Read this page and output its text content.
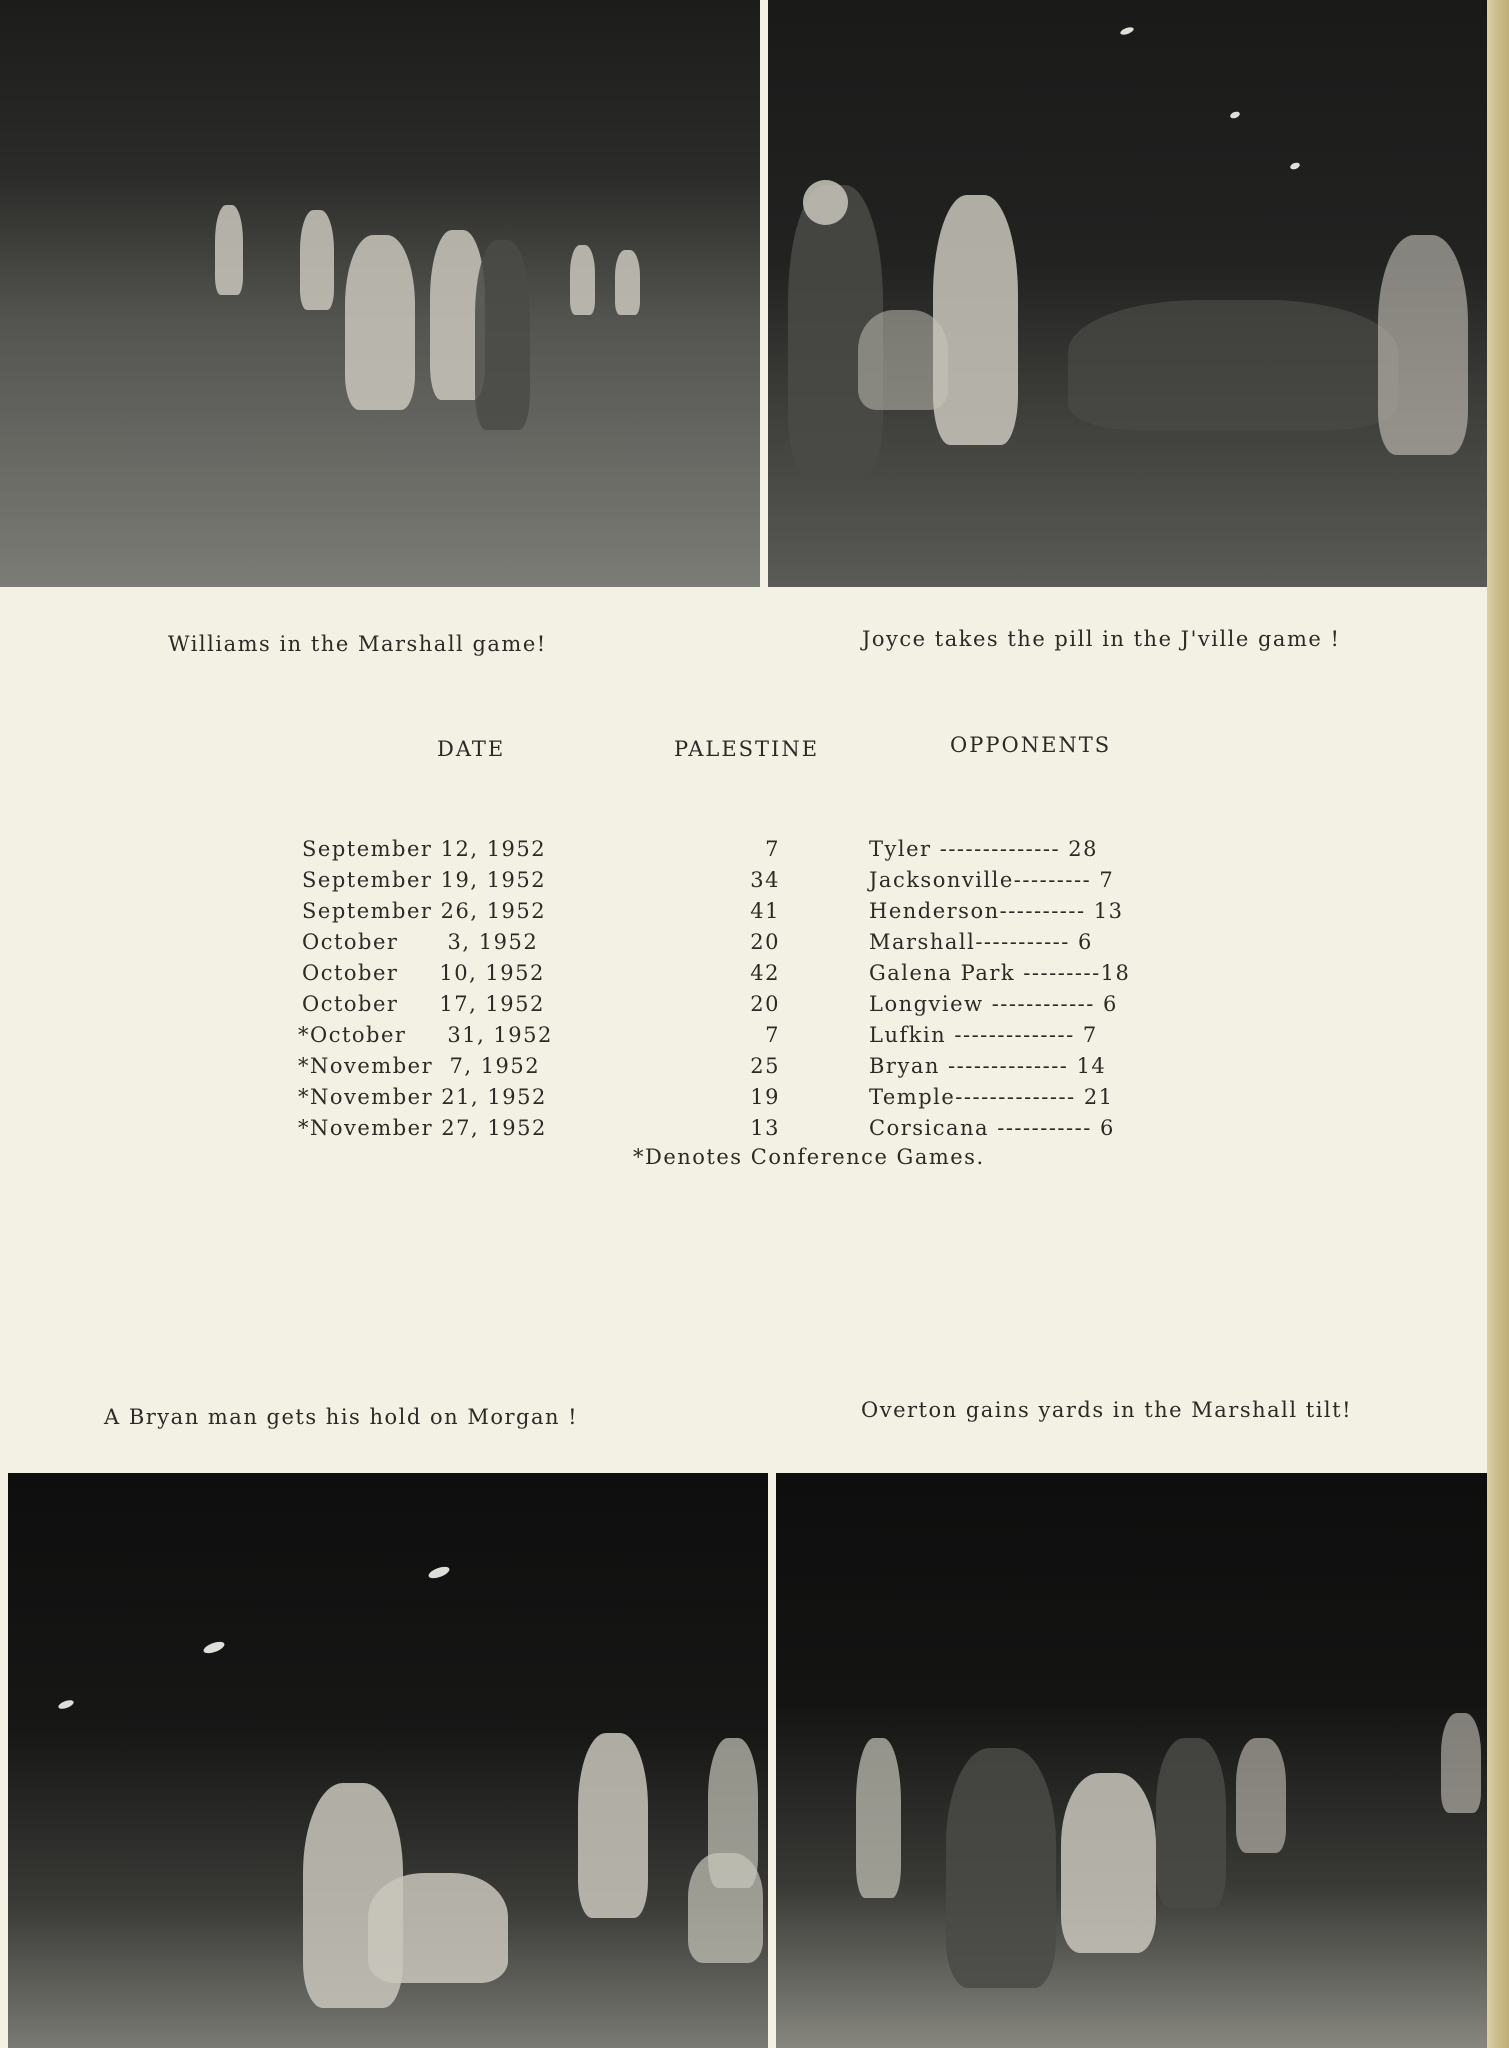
Williams in the Marshall game!	Joyce takes the pill in the J'ville game !
DATE	PALESTINE	OPPONENTS
September 12, 1952	7	Tyler -------------- 28
September 19, 1952	34	Jacksonville--------- 7
September 26, 1952	41	Henderson---------- 13
October      3, 1952	20	Marshall----------- 6
October     10, 1952	42	Galena Park ---------18
October     17, 1952	20	Longview ------------ 6
*October     31, 1952	7	Lufkin -------------- 7
*November  7, 1952	25	Bryan -------------- 14
*November 21, 1952	19	Temple-------------- 21
*November 27, 1952	13	Corsicana ----------- 6
*Denotes Conference Games.
A Bryan man gets his hold on Morgan !	Overton gains yards in the Marshall tilt!
